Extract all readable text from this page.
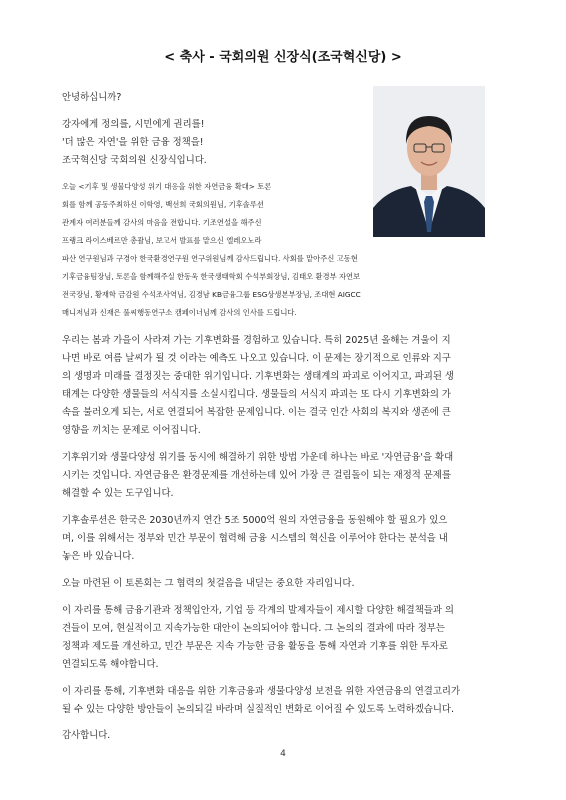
< 축사 - 국회의원 신장식(조국혁신당) >
안녕하십니까?
강자에게 정의를, 시민에게 권리를!
'더 많은 자연'을 위한 금융 정책을!
조국혁신당 국회의원 신장식입니다.
오늘 <기후 및 생물다양성 위기 대응을 위한 자연금융 확대> 토론
회를 함께 공동주최하신 이학영, 백선희 국회의원님, 기후솔루션
관계자 여러분들께 감사의 마음을 전합니다. 기조연설을 해주신
프랭크 라이스베르만 총괄님, 보고서 발표를 맡으신 엘레오노라
파산 연구원님과 구경아 한국환경연구원 연구위원님께 감사드립니다. 사회를 맡아주신 고동현
기후금융팀장님, 토론을 함께해주실 한동욱 한국생태학회 수석부회장님, 김태오 환경부 자연보
전국장님, 황재학 금감원 수석조사역님, 김경남 KB금융그룹 ESG상생본부장님, 조대현 AIGCC
매니저님과 신재은 풀씨행동연구소 캠페이너님께 감사의 인사를 드립니다.
우리는 봄과 가을이 사라져 가는 기후변화를 경험하고 있습니다. 특히 2025년 올해는 겨울이 지
나면 바로 여름 날씨가 될 것 이라는 예측도 나오고 있습니다. 이 문제는 장기적으로 인류와 지구
의 생명과 미래를 결정짓는 중대한 위기입니다. 기후변화는 생태계의 파괴로 이어지고, 파괴된 생
태계는 다양한 생물들의 서식지를 소실시킵니다. 생물들의 서식지 파괴는 또 다시 기후변화의 가
속을 불러오게 되는, 서로 연결되어 복잡한 문제입니다. 이는 결국 인간 사회의 복지와 생존에 큰
영향을 끼치는 문제로 이어집니다.
기후위기와 생물다양성 위기를 동시에 해결하기 위한 방법 가운데 하나는 바로 '자연금융'을 확대
시키는 것입니다. 자연금융은 환경문제를 개선하는데 있어 가장 큰 걸림돌이 되는 재정적 문제를
해결할 수 있는 도구입니다.
기후솔루션은 한국은 2030년까지 연간 5조 5000억 원의 자연금융을 동원해야 할 필요가 있으
며, 이를 위해서는 정부와 민간 부문이 협력해 금융 시스템의 혁신을 이루어야 한다는 분석을 내
놓은 바 있습니다.
오늘 마련된 이 토론회는 그 협력의 첫걸음을 내딛는 중요한 자리입니다.
이 자리를 통해 금융기관과 정책입안자, 기업 등 각계의 발제자들이 제시할 다양한 해결책들과 의
견들이 모여, 현실적이고 지속가능한 대안이 논의되어야 합니다. 그 논의의 결과에 따라 정부는
정책과 제도를 개선하고, 민간 부문은 지속 가능한 금융 활동을 통해 자연과 기후를 위한 투자로
연결되도록 해야합니다.
이 자리를 통해, 기후변화 대응을 위한 기후금융과 생물다양성 보전을 위한 자연금융의 연결고리가
될 수 있는 다양한 방안들이 논의되길 바라며 실질적인 변화로 이어질 수 있도록 노력하겠습니다.
감사합니다.
4
